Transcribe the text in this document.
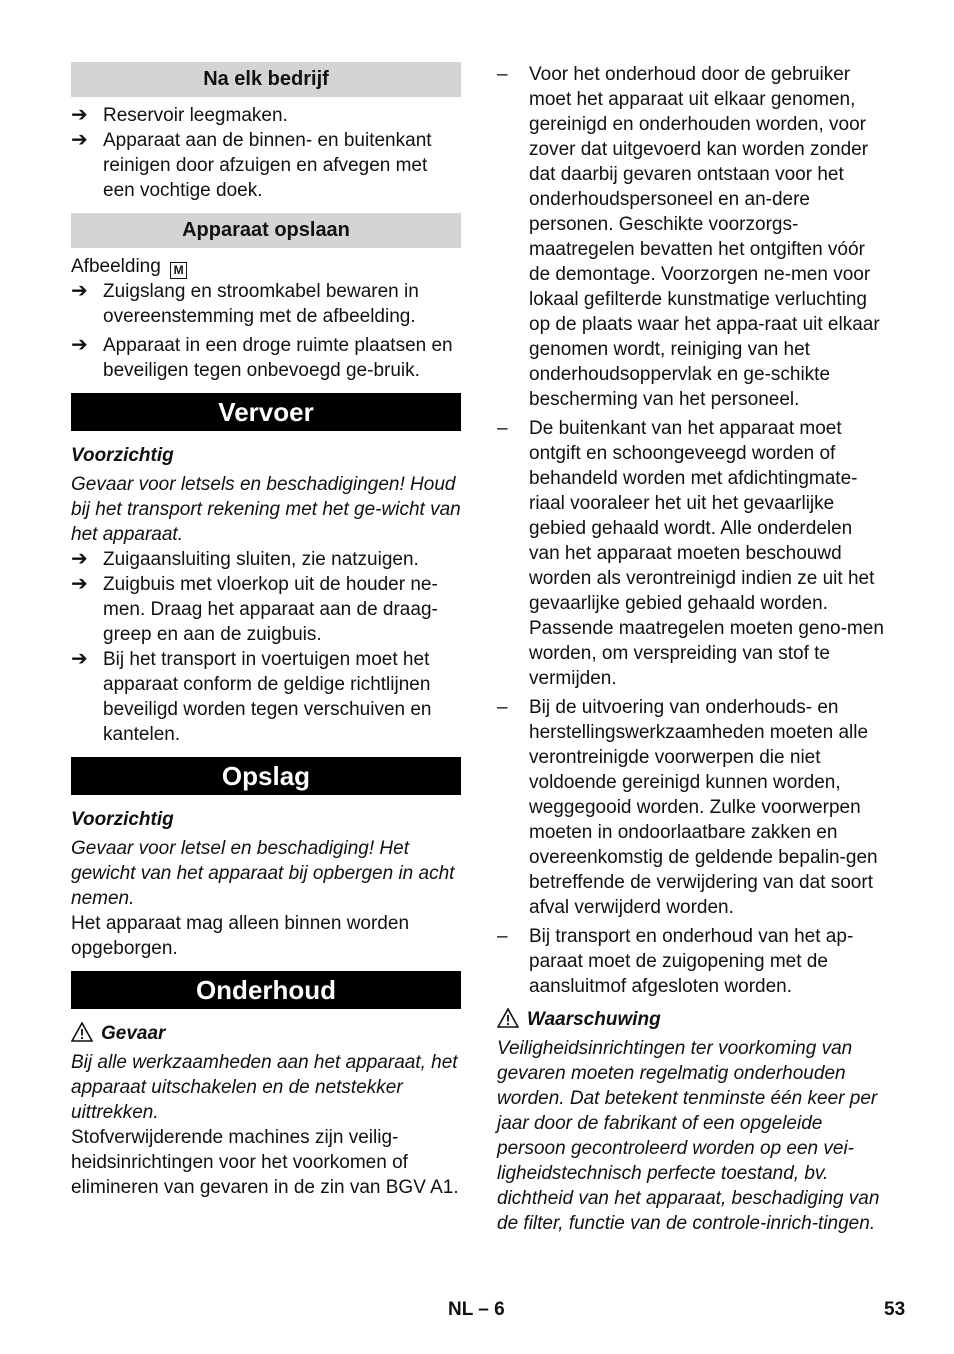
Na elk bedrijf
➔ Reservoir leegmaken.
➔ Apparaat aan de binnen- en buitenkant reinigen door afzuigen en afvegen met een vochtige doek.
Apparaat opslaan
Afbeelding M
➔ Zuigslang en stroomkabel bewaren in overeenstemming met de afbeelding.
➔ Apparaat in een droge ruimte plaatsen en beveiligen tegen onbevoegd ge-bruik.
Vervoer
Voorzichtig
Gevaar voor letsels en beschadigingen! Houd bij het transport rekening met het ge-wicht van het apparaat.
➔ Zuigaansluiting sluiten, zie natzuigen.
➔ Zuigbuis met vloerkop uit de houder ne-men. Draag het apparaat aan de draag-greep en aan de zuigbuis.
➔ Bij het transport in voertuigen moet het apparaat conform de geldige richtlijnen beveiligd worden tegen verschuiven en kantelen.
Opslag
Voorzichtig
Gevaar voor letsel en beschadiging! Het gewicht van het apparaat bij opbergen in acht nemen.
Het apparaat mag alleen binnen worden opgeborgen.
Onderhoud
Gevaar
Bij alle werkzaamheden aan het apparaat, het apparaat uitschakelen en de netstekker uittrekken.
Stofverwijderende machines zijn veilig-heidsinrichtingen voor het voorkomen of elimineren van gevaren in de zin van BGV A1.
– Voor het onderhoud door de gebruiker moet het apparaat uit elkaar genomen, gereinigd en onderhouden worden, voor zover dat uitgevoerd kan worden zonder dat daarbij gevaren ontstaan voor het onderhoudspersoneel en an-dere personen. Geschikte voorzorgs-maatregelen bevatten het ontgiften vóór de demontage. Voorzorgen ne-men voor lokaal gefilterde kunstmatige verluchting op de plaats waar het appa-raat uit elkaar genomen wordt, reiniging van het onderhoudsoppervlak en ge-schikte bescherming van het personeel.
– De buitenkant van het apparaat moet ontgift en schoongeveegd worden of behandeld worden met afdichtingmate-riaal vooraleer het uit het gevaarlijke gebied gehaald wordt. Alle onderdelen van het apparaat moeten beschouwd worden als verontreinigd indien ze uit het gevaarlijke gebied gehaald worden. Passende maatregelen moeten geno-men worden, om verspreiding van stof te vermijden.
– Bij de uitvoering van onderhouds- en herstellingswerkzaamheden moeten alle verontreinigde voorwerpen die niet voldoende gereinigd kunnen worden, weggegooid worden. Zulke voorwerpen moeten in ondoorlaatbare zakken en overeenkomstig de geldende bepalin-gen betreffende de verwijdering van dat soort afval verwijderd worden.
– Bij transport en onderhoud van het ap-paraat moet de zuigopening met de aansluitmof afgesloten worden.
Waarschuwing
Veiligheidsinrichtingen ter voorkoming van gevaren moeten regelmatig onderhouden worden. Dat betekent tenminste één keer per jaar door de fabrikant of een opgeleide persoon gecontroleerd worden op een vei-ligheidstechnisch perfecte toestand, bv. dichtheid van het apparaat, beschadiging van de filter, functie van de controle-inrich-tingen.
NL – 6	53
